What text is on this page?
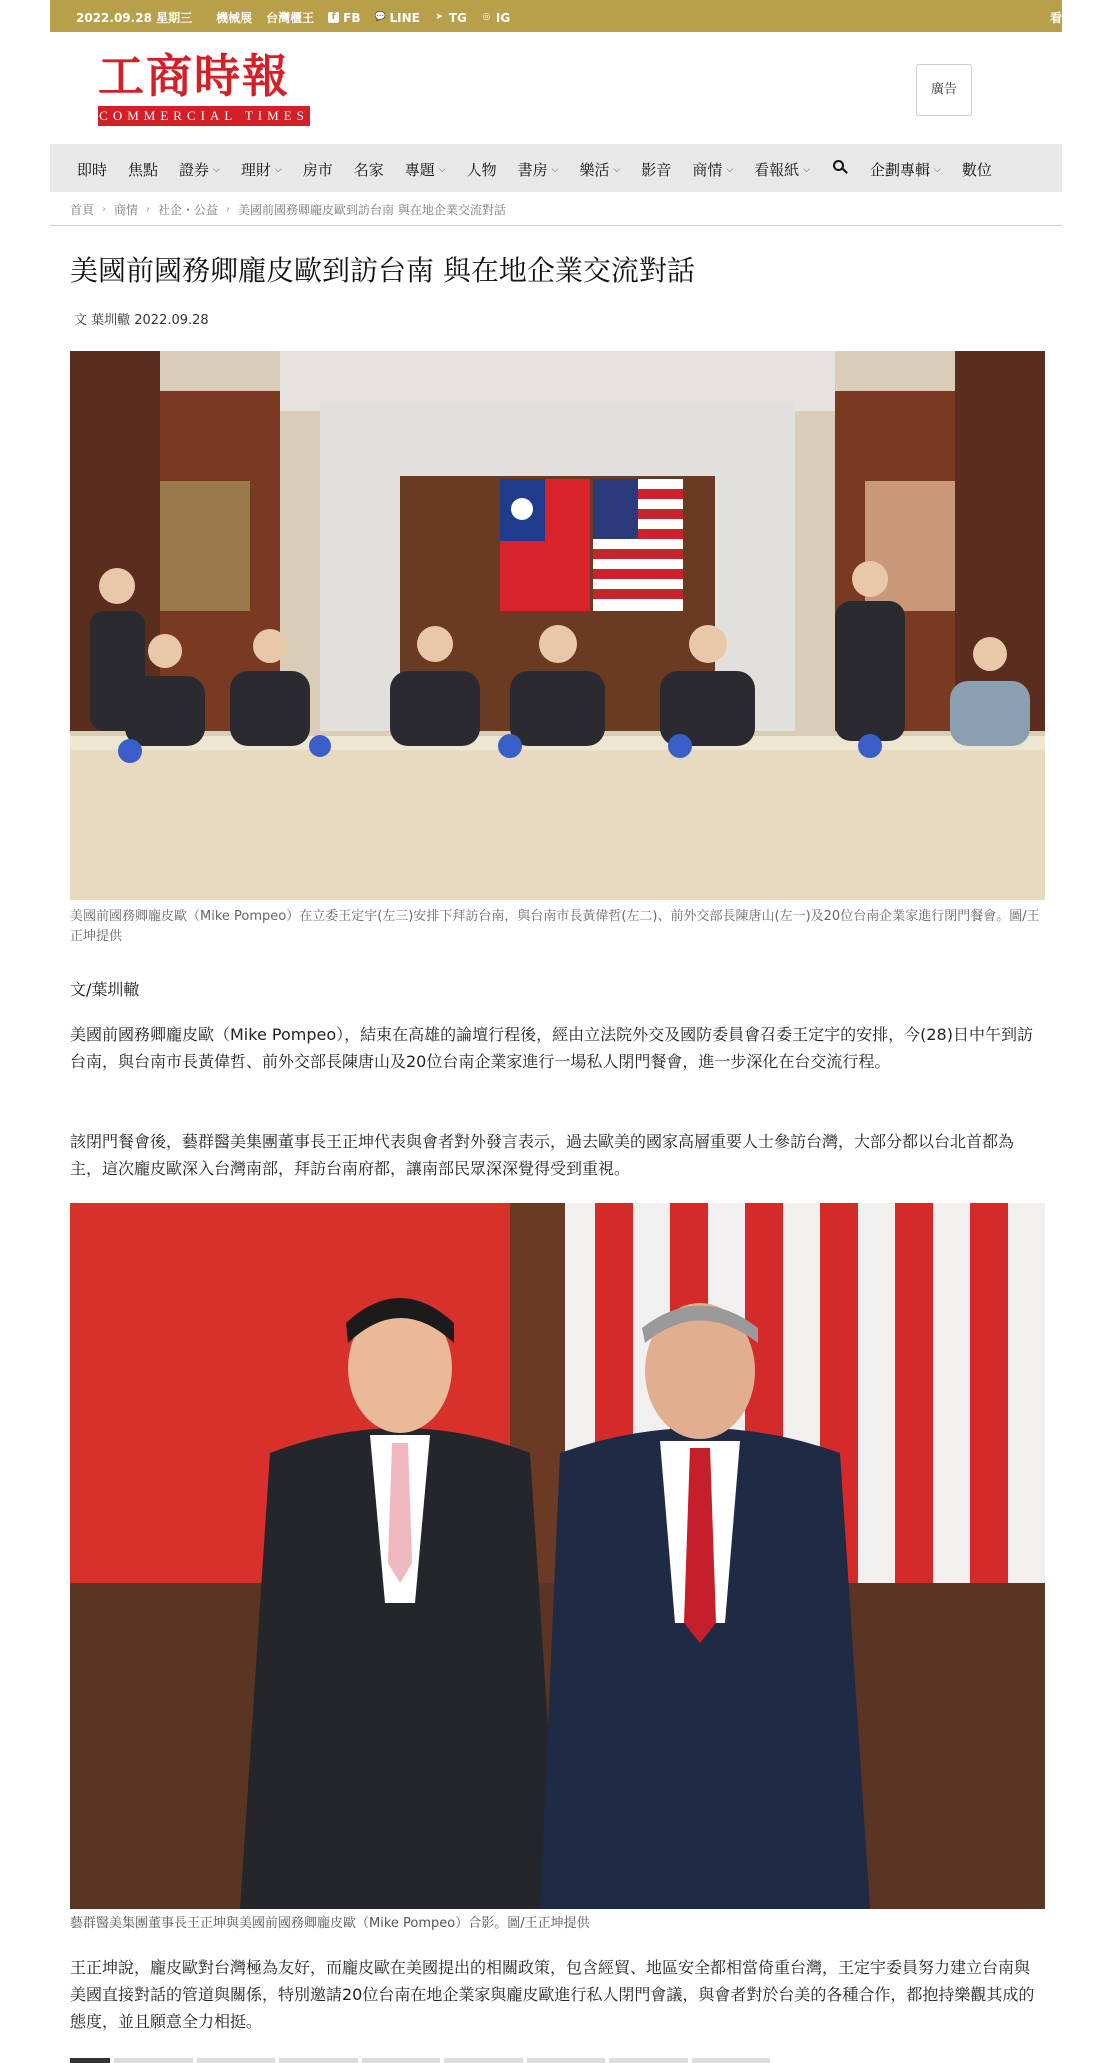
2022.09.28 星期三 機械展 台灣櫃王	f FB 💬 LINE ➤ TG ◎ IG	看
工商時報
COMMERCIAL TIMES
廣告
即時 焦點 證券 ⌵ 理財 ⌵ 房市 名家 專題 ⌵ 人物 書房 ⌵ 樂活 ⌵ 影音 商情 ⌵ 看報紙 ⌵	企劃專輯 ⌵ 數位
首頁 › 商情 › 社企・公益 › 美國前國務卿龐皮歐到訪台南 與在地企業交流對話
美國前國務卿龐皮歐到訪台南 與在地企業交流對話
文 葉圳轍 2022.09.28
美國前國務卿龐皮歐（Mike Pompeo）在立委王定宇(左三)安排下拜訪台南，與台南市長黃偉哲(左二)、前外交部長陳唐山(左一)及20位台南企業家進行閉門餐會。圖/王正坤提供
文/葉圳轍

美國前國務卿龐皮歐（Mike Pompeo），結束在高雄的論壇行程後，經由立法院外交及國防委員會召委王定宇的安排，今(28)日中午到訪台南，與台南市長黃偉哲、前外交部長陳唐山及20位台南企業家進行一場私人閉門餐會，進一步深化在台交流行程。

該閉門餐會後，藝群醫美集團董事長王正坤代表與會者對外發言表示，過去歐美的國家高層重要人士參訪台灣，大部分都以台北首都為主，這次龐皮歐深入台灣南部，拜訪台南府都，讓南部民眾深深覺得受到重視。

藝群醫美集團董事長王正坤與美國前國務卿龐皮歐（Mike Pompeo）合影。圖/王正坤提供

王正坤說，龐皮歐對台灣極為友好，而龐皮歐在美國提出的相關政策，包含經貿、地區安全都相當倚重台灣，王定宇委員努力建立台南與美國直接對話的管道與關係，特別邀請20位台南在地企業家與龐皮歐進行私人閉門會議，與會者對於台美的各種合作，都抱持樂觀其成的態度，並且願意全力相挺。
